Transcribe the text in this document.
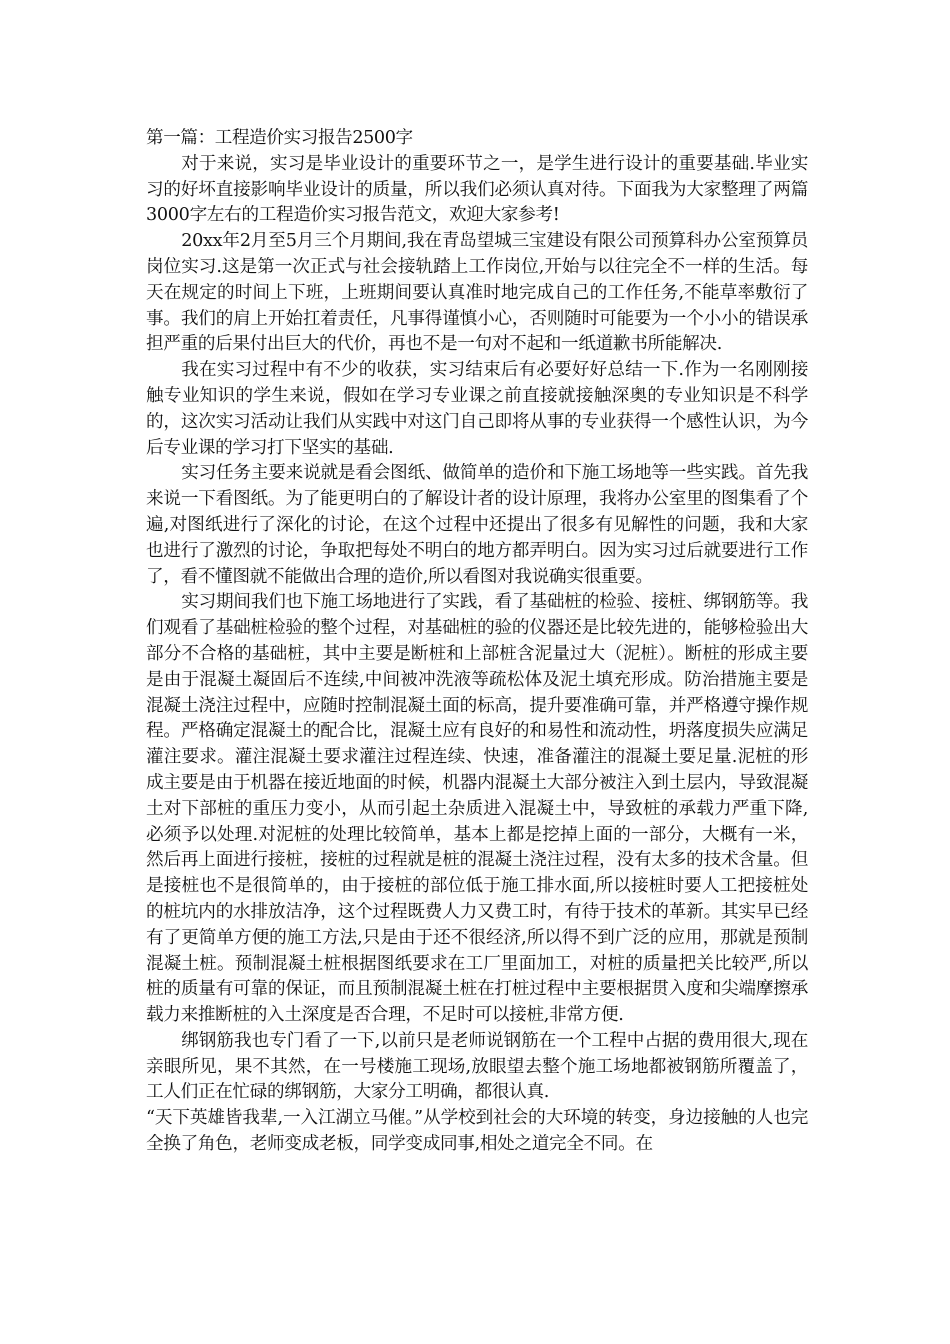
第一篇：工程造价实习报告2500字

对于来说，实习是毕业设计的重要环节之一，是学生进行设计的重要基础.毕业实习的好坏直接影响毕业设计的质量，所以我们必须认真对待。下面我为大家整理了两篇3000字左右的工程造价实习报告范文，欢迎大家参考!

20xx年2月至5月三个月期间,我在青岛望城三宝建设有限公司预算科办公室预算员岗位实习.这是第一次正式与社会接轨踏上工作岗位,开始与以往完全不一样的生活。每天在规定的时间上下班，上班期间要认真准时地完成自己的工作任务,不能草率敷衍了事。我们的肩上开始扛着责任，凡事得谨慎小心，否则随时可能要为一个小小的错误承担严重的后果付出巨大的代价，再也不是一句对不起和一纸道歉书所能解决.

我在实习过程中有不少的收获，实习结束后有必要好好总结一下.作为一名刚刚接触专业知识的学生来说，假如在学习专业课之前直接就接触深奥的专业知识是不科学的，这次实习活动让我们从实践中对这门自己即将从事的专业获得一个感性认识，为今后专业课的学习打下坚实的基础.

实习任务主要来说就是看会图纸、做简单的造价和下施工场地等一些实践。首先我来说一下看图纸。为了能更明白的了解设计者的设计原理，我将办公室里的图集看了个遍,对图纸进行了深化的讨论，在这个过程中还提出了很多有见解性的问题，我和大家也进行了激烈的讨论，争取把每处不明白的地方都弄明白。因为实习过后就要进行工作了，看不懂图就不能做出合理的造价,所以看图对我说确实很重要。

实习期间我们也下施工场地进行了实践，看了基础桩的检验、接桩、绑钢筋等。我们观看了基础桩检验的整个过程，对基础桩的验的仪器还是比较先进的，能够检验出大部分不合格的基础桩，其中主要是断桩和上部桩含泥量过大（泥桩）。断桩的形成主要是由于混凝土凝固后不连续,中间被冲洗液等疏松体及泥土填充形成。防治措施主要是混凝土浇注过程中，应随时控制混凝土面的标高，提升要准确可靠，并严格遵守操作规程。严格确定混凝土的配合比，混凝土应有良好的和易性和流动性，坍落度损失应满足灌注要求。灌注混凝土要求灌注过程连续、快速，准备灌注的混凝土要足量.泥桩的形成主要是由于机器在接近地面的时候，机器内混凝土大部分被注入到土层内，导致混凝土对下部桩的重压力变小，从而引起土杂质进入混凝土中，导致桩的承载力严重下降,必须予以处理.对泥桩的处理比较简单，基本上都是挖掉上面的一部分，大概有一米，然后再上面进行接桩，接桩的过程就是桩的混凝土浇注过程，没有太多的技术含量。但是接桩也不是很简单的，由于接桩的部位低于施工排水面,所以接桩时要人工把接桩处的桩坑内的水排放洁净，这个过程既费人力又费工时，有待于技术的革新。其实早已经有了更简单方便的施工方法,只是由于还不很经济,所以得不到广泛的应用，那就是预制混凝土桩。预制混凝土桩根据图纸要求在工厂里面加工，对桩的质量把关比较严,所以桩的质量有可靠的保证，而且预制混凝土桩在打桩过程中主要根据贯入度和尖端摩擦承载力来推断桩的入土深度是否合理，不足时可以接桩,非常方便.

绑钢筋我也专门看了一下,以前只是老师说钢筋在一个工程中占据的费用很大,现在亲眼所见，果不其然，在一号楼施工现场,放眼望去整个施工场地都被钢筋所覆盖了，工人们正在忙碌的绑钢筋，大家分工明确，都很认真.

“天下英雄皆我辈,一入江湖立马催。”从学校到社会的大环境的转变，身边接触的人也完全换了角色，老师变成老板，同学变成同事,相处之道完全不同。在
